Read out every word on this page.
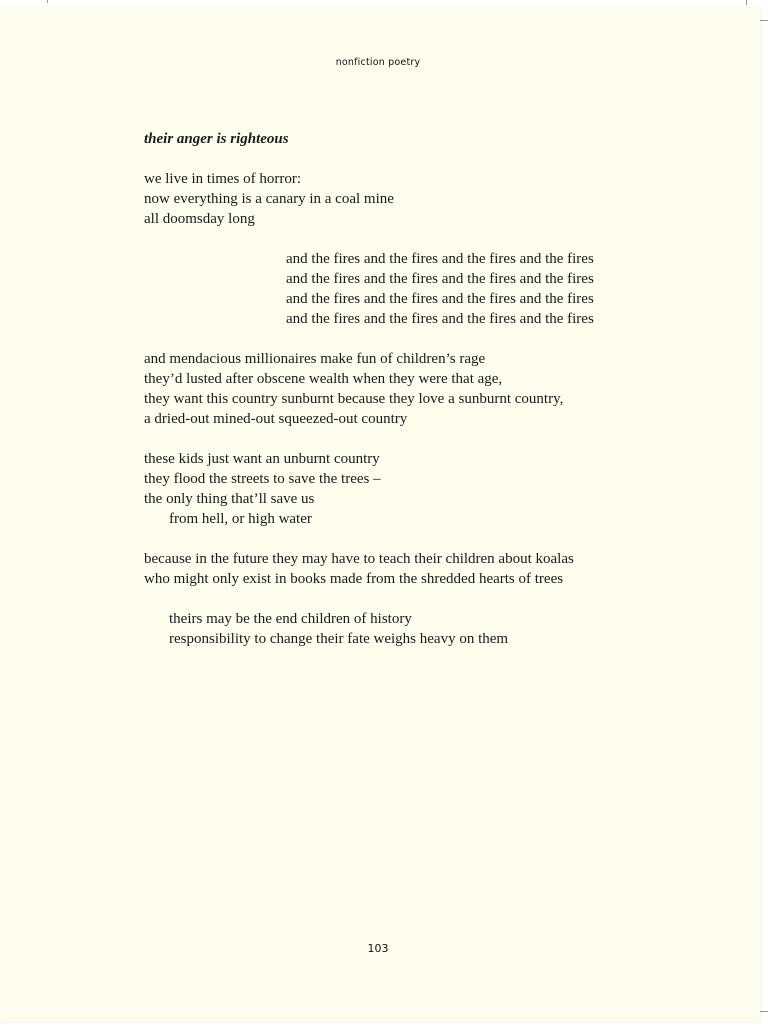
nonfiction poetry
their anger is righteous
we live in times of horror:
now everything is a canary in a coal mine
all doomsday long
and the fires and the fires and the fires and the fires
and the fires and the fires and the fires and the fires
and the fires and the fires and the fires and the fires
and the fires and the fires and the fires and the fires
and mendacious millionaires make fun of children’s rage
they’d lusted after obscene wealth when they were that age,
they want this country sunburnt because they love a sunburnt country,
a dried-out mined-out squeezed-out country
these kids just want an unburnt country
they flood the streets to save the trees –
the only thing that’ll save us
from hell, or high water
because in the future they may have to teach their children about koalas
who might only exist in books made from the shredded hearts of trees
theirs may be the end children of history
responsibility to change their fate weighs heavy on them
103
